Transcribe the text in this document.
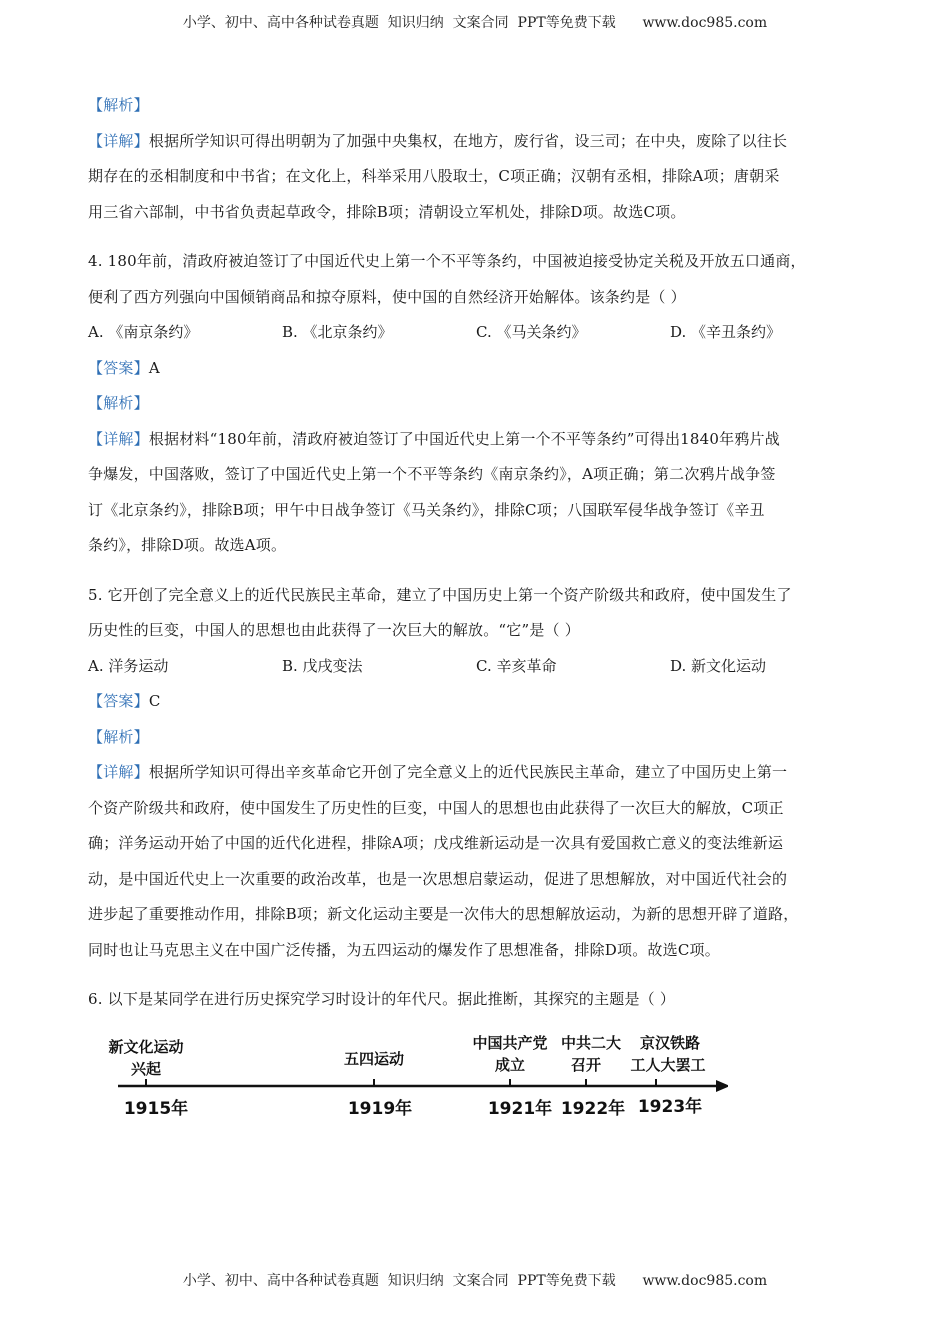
小学、初中、高中各种试卷真题  知识归纳  文案合同  PPT等免费下载      www.doc985.com
【解析】
【详解】根据所学知识可得出明朝为了加强中央集权，在地方，废行省，设三司；在中央，废除了以往长
期存在的丞相制度和中书省；在文化上，科举采用八股取士，C项正确；汉朝有丞相，排除A项；唐朝采
用三省六部制，中书省负责起草政令，排除B项；清朝设立军机处，排除D项。故选C项。
4. 180年前，清政府被迫签订了中国近代史上第一个不平等条约，中国被迫接受协定关税及开放五口通商，
便利了西方列强向中国倾销商品和掠夺原料，使中国的自然经济开始解体。该条约是（ ）
A. 《南京条约》	B. 《北京条约》	C. 《马关条约》	D. 《辛丑条约》
【答案】A
【解析】
【详解】根据材料“180年前，清政府被迫签订了中国近代史上第一个不平等条约”可得出1840年鸦片战
争爆发，中国落败，签订了中国近代史上第一个不平等条约《南京条约》，A项正确；第二次鸦片战争签
订《北京条约》，排除B项；甲午中日战争签订《马关条约》，排除C项；八国联军侵华战争签订《辛丑
条约》，排除D项。故选A项。
5. 它开创了完全意义上的近代民族民主革命，建立了中国历史上第一个资产阶级共和政府，使中国发生了
历史性的巨变，中国人的思想也由此获得了一次巨大的解放。“它”是（ ）
A. 洋务运动	B. 戊戌变法	C. 辛亥革命	D. 新文化运动
【答案】C
【解析】
【详解】根据所学知识可得出辛亥革命它开创了完全意义上的近代民族民主革命，建立了中国历史上第一
个资产阶级共和政府，使中国发生了历史性的巨变，中国人的思想也由此获得了一次巨大的解放，C项正
确；洋务运动开始了中国的近代化进程，排除A项；戊戌维新运动是一次具有爱国救亡意义的变法维新运
动，是中国近代史上一次重要的政治改革，也是一次思想启蒙运动，促进了思想解放，对中国近代社会的
进步起了重要推动作用，排除B项；新文化运动主要是一次伟大的思想解放运动，为新的思想开辟了道路，
同时也让马克思主义在中国广泛传播，为五四运动的爆发作了思想准备，排除D项。故选C项。
6. 以下是某同学在进行历史探究学习时设计的年代尺。据此推断，其探究的主题是（ ）
新文化运动
兴起
1915年
五四运动
1919年
中国共产党
成立
1921年
中共二大
召开
1922年
京汉铁路
工人大罢工
1923年
小学、初中、高中各种试卷真题  知识归纳  文案合同  PPT等免费下载      www.doc985.com
